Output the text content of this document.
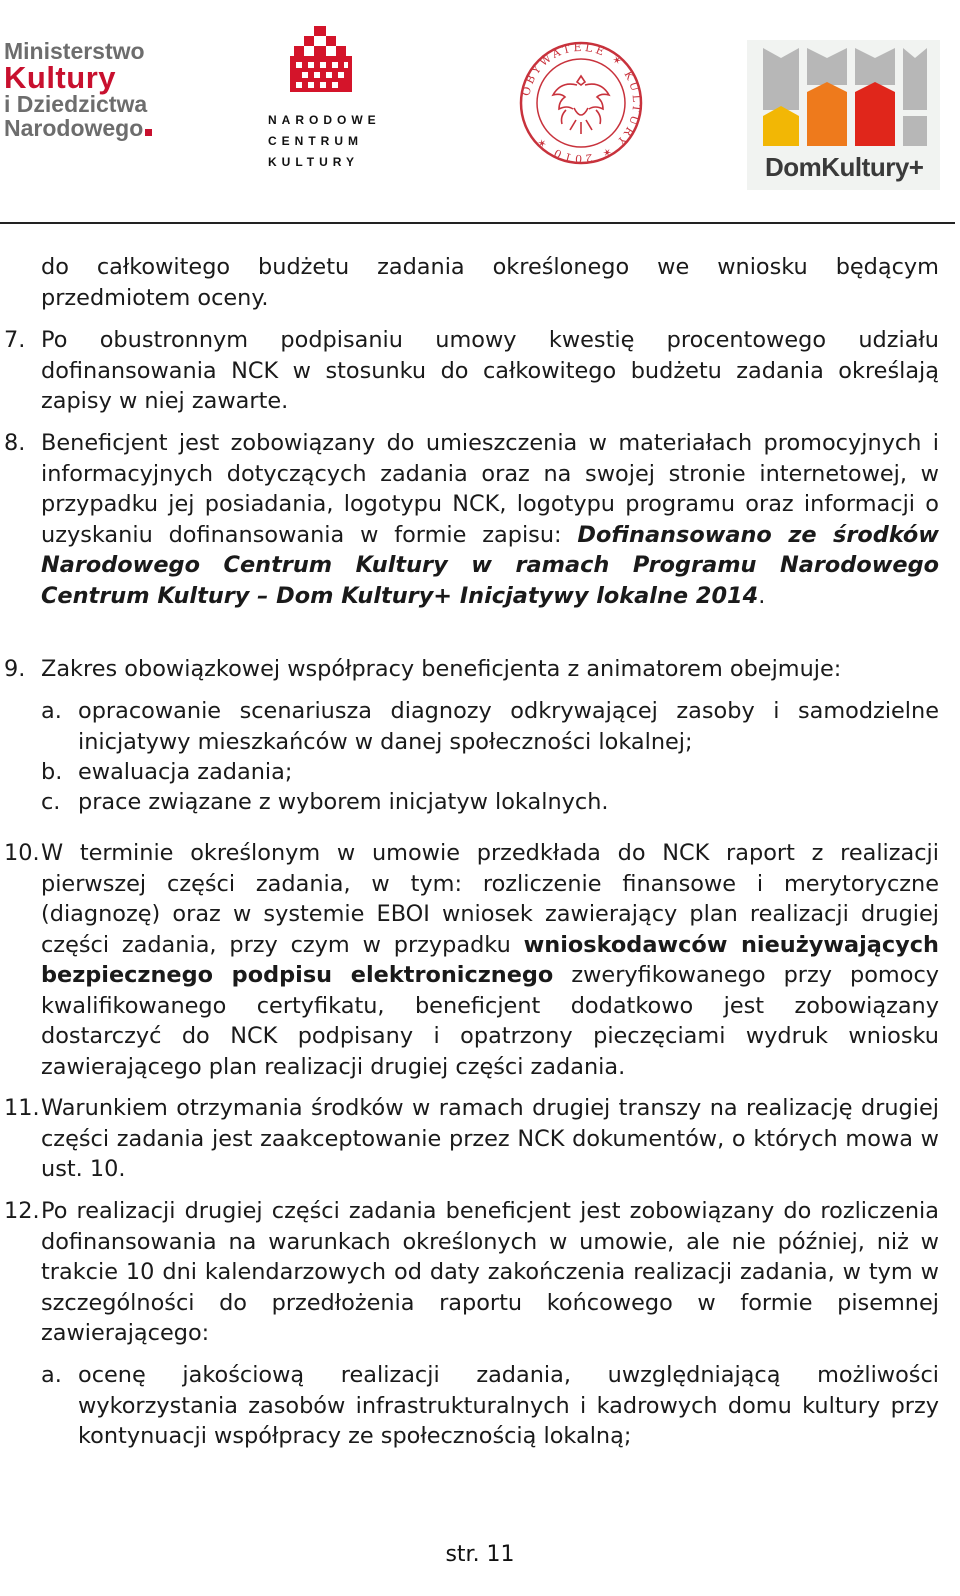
Ministerstwo
Kultury
i Dziedzictwa
Narodowego	NARODOWE
CENTRUM
KULTURY
OBYWATELE ✶ KULTURY ✶ 2010 ✶
DomKultury+
do całkowitego budżetu zadania określonego we wniosku będącym przedmiotem oceny.
7. Po obustronnym podpisaniu umowy kwestię procentowego udziału dofinansowania NCK w stosunku do całkowitego budżetu zadania określają zapisy w niej zawarte.
8. Beneficjent jest zobowiązany do umieszczenia w materiałach promocyjnych i informacyjnych dotyczących zadania oraz na swojej stronie internetowej, w przypadku jej posiadania, logotypu NCK, logotypu programu oraz informacji o uzyskaniu dofinansowania w formie zapisu: Dofinansowano ze środków Narodowego Centrum Kultury w ramach Programu Narodowego Centrum Kultury – Dom Kultury+ Inicjatywy lokalne 2014.
9. Zakres obowiązkowej współpracy beneficjenta z animatorem obejmuje:
a. opracowanie scenariusza diagnozy odkrywającej zasoby i samodzielne inicjatywy mieszkańców w danej społeczności lokalnej;
b. ewaluacja zadania;
c. prace związane z wyborem inicjatyw lokalnych.
10. W terminie określonym w umowie przedkłada do NCK raport z realizacji pierwszej części zadania, w tym: rozliczenie finansowe i merytoryczne (diagnozę) oraz w systemie EBOI wniosek zawierający plan realizacji drugiej części zadania, przy czym w przypadku wnioskodawców nieużywających bezpiecznego podpisu elektronicznego zweryfikowanego przy pomocy kwalifikowanego certyfikatu, beneficjent dodatkowo jest zobowiązany dostarczyć do NCK podpisany i opatrzony pieczęciami wydruk wniosku zawierającego plan realizacji drugiej części zadania.
11. Warunkiem otrzymania środków w ramach drugiej transzy na realizację drugiej części zadania jest zaakceptowanie przez NCK dokumentów, o których mowa w ust. 10.
12. Po realizacji drugiej części zadania beneficjent jest zobowiązany do rozliczenia dofinansowania na warunkach określonych w umowie, ale nie później, niż w trakcie 10 dni kalendarzowych od daty zakończenia realizacji zadania, w tym w szczególności do przedłożenia raportu końcowego w formie pisemnej zawierającego:
a. ocenę jakościową realizacji zadania, uwzględniającą możliwości wykorzystania zasobów infrastrukturalnych i kadrowych domu kultury przy kontynuacji współpracy ze społecznością lokalną;
str. 11
